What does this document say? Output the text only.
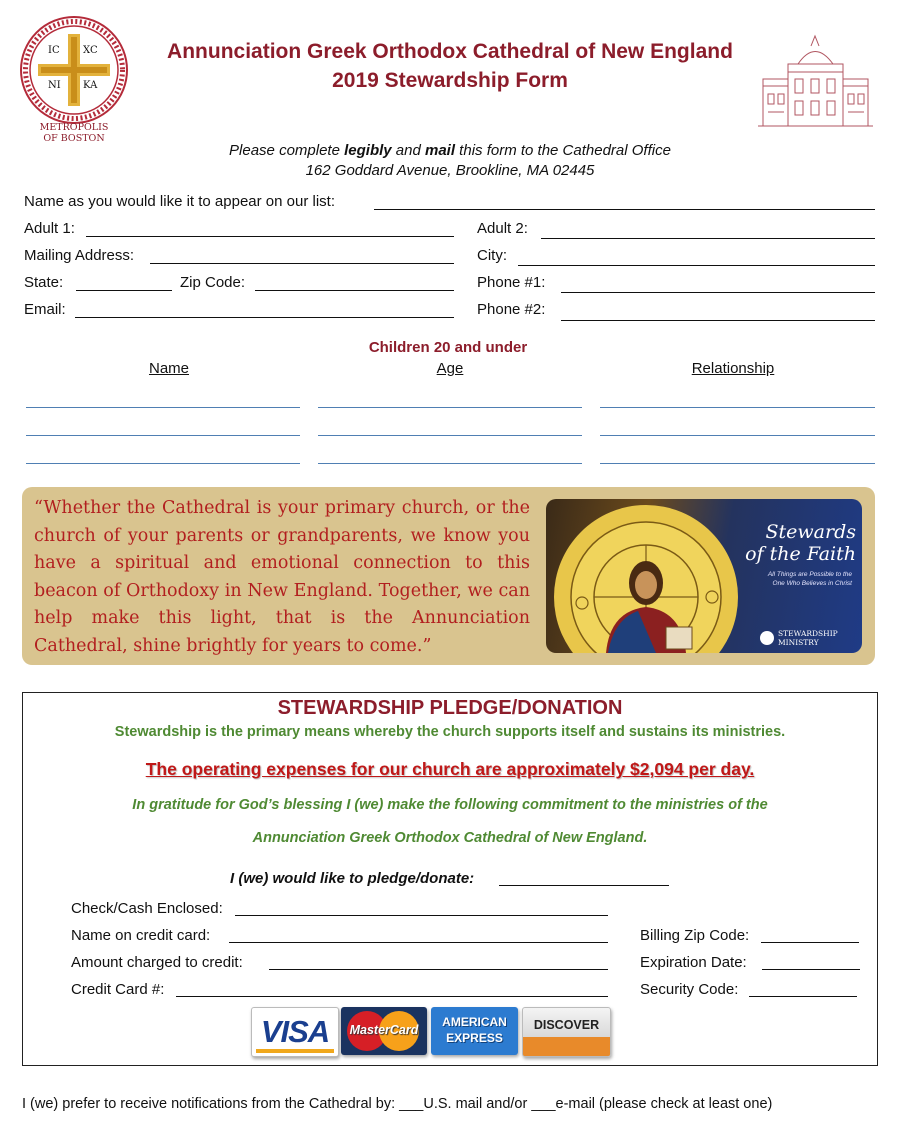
IC XC
NI KA
METROPOLIS
OF BOSTON
Annunciation Greek Orthodox Cathedral of New England
2019 Stewardship Form
Please complete legibly and mail this form to the Cathedral Office
162 Goddard Avenue, Brookline, MA 02445
Name as you would like it to appear on our list:
Adult 1:	Adult 2:
Mailing Address:	City:
State:	Zip Code:	Phone #1:
Email:	Phone #2:
Children 20 and under
Name	Age	Relationship
“Whether the Cathedral is your primary church, or the church of your parents or grandparents, we know you have a spiritual and emotional connection to this beacon of Orthodoxy in New England. Together, we can help make this light, that is the Annunciation Cathedral, shine brightly for years to come.”
Stewards
of the Faith
All Things are Possible to the
One Who Believes in Christ
STEWARDSHIP
MINISTRY
STEWARDSHIP PLEDGE/DONATION
Stewardship is the primary means whereby the church supports itself and sustains its ministries.
The operating expenses for our church are approximately $2,094 per day.
In gratitude for God’s blessing I (we) make the following commitment to the ministries of the
Annunciation Greek Orthodox Cathedral of New England.
I (we) would like to pledge/donate:
Check/Cash Enclosed:
Name on credit card:	Billing Zip Code:
Amount charged to credit:	Expiration Date:
Credit Card #:	Security Code:
VISA	MasterCard
AMERICAN
EXPRESS
DISCOVER
I (we) prefer to receive notifications from the Cathedral by: ___U.S. mail and/or ___e-mail (please check at least one)
